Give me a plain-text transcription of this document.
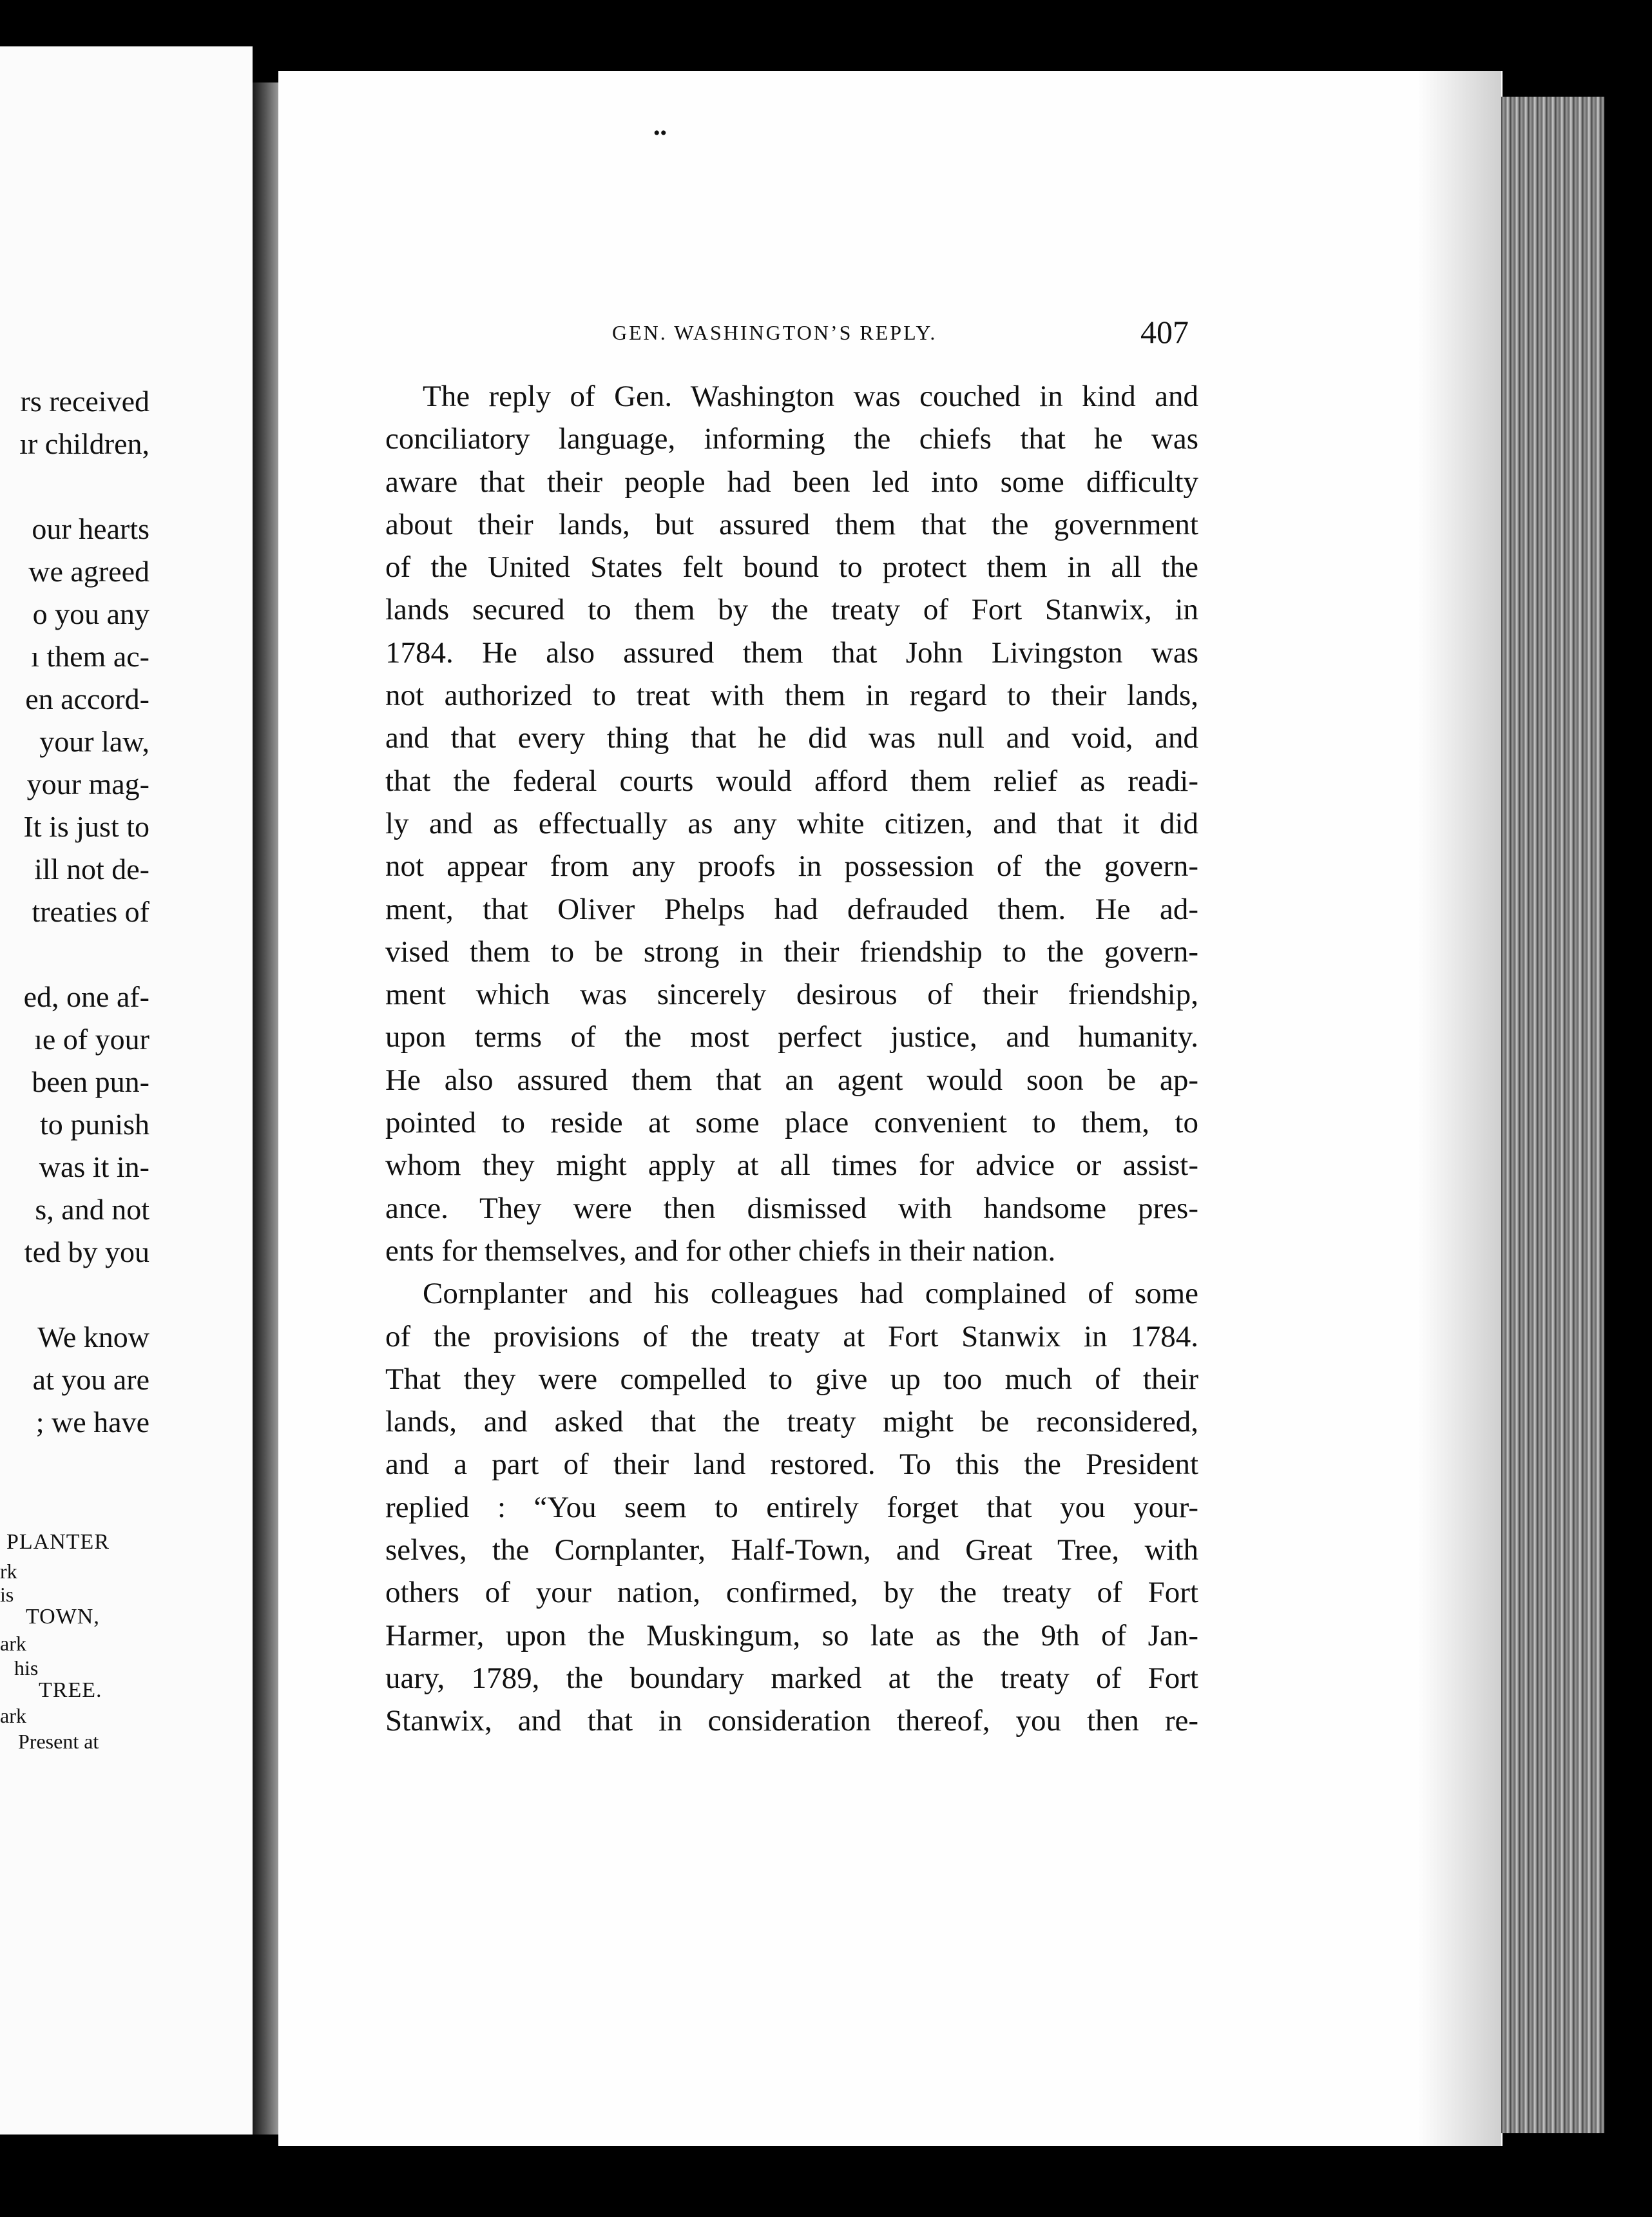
rs received
ır children,
our hearts
we agreed
o you any
ı them ac-
en accord-
your law,
your mag-
It is just to
ill not de-
treaties of
ed, one af-
ıe of your
been pun-
to punish
was it in-
s, and not
ted by you
We know
at you are
; we have
PLANTER
rk
is
TOWN,
ark
his
TREE.
ark
Present at
••
GEN. WASHINGTON’S REPLY.	407
The reply of Gen. Washington was couched in kind and
conciliatory language, informing the chiefs that he was
aware that their people had been led into some difficulty
about their lands, but assured them that the government
of the United States felt bound to protect them in all the
lands secured to them by the treaty of Fort Stanwix, in
1784. He also assured them that John Livingston was
not authorized to treat with them in regard to their lands,
and that every thing that he did was null and void, and
that the federal courts would afford them relief as readi-
ly and as effectually as any white citizen, and that it did
not appear from any proofs in possession of the govern-
ment, that Oliver Phelps had defrauded them. He ad-
vised them to be strong in their friendship to the govern-
ment which was sincerely desirous of their friendship,
upon terms of the most perfect justice, and humanity.
He also assured them that an agent would soon be ap-
pointed to reside at some place convenient to them, to
whom they might apply at all times for advice or assist-
ance. They were then dismissed with handsome pres-
ents for themselves, and for other chiefs in their nation.
Cornplanter and his colleagues had complained of some
of the provisions of the treaty at Fort Stanwix in 1784.
That they were compelled to give up too much of their
lands, and asked that the treaty might be reconsidered,
and a part of their land restored. To this the President
replied : “You seem to entirely forget that you your-
selves, the Cornplanter, Half-Town, and Great Tree, with
others of your nation, confirmed, by the treaty of Fort
Harmer, upon the Muskingum, so late as the 9th of Jan-
uary, 1789, the boundary marked at the treaty of Fort
Stanwix, and that in consideration thereof, you then re-
